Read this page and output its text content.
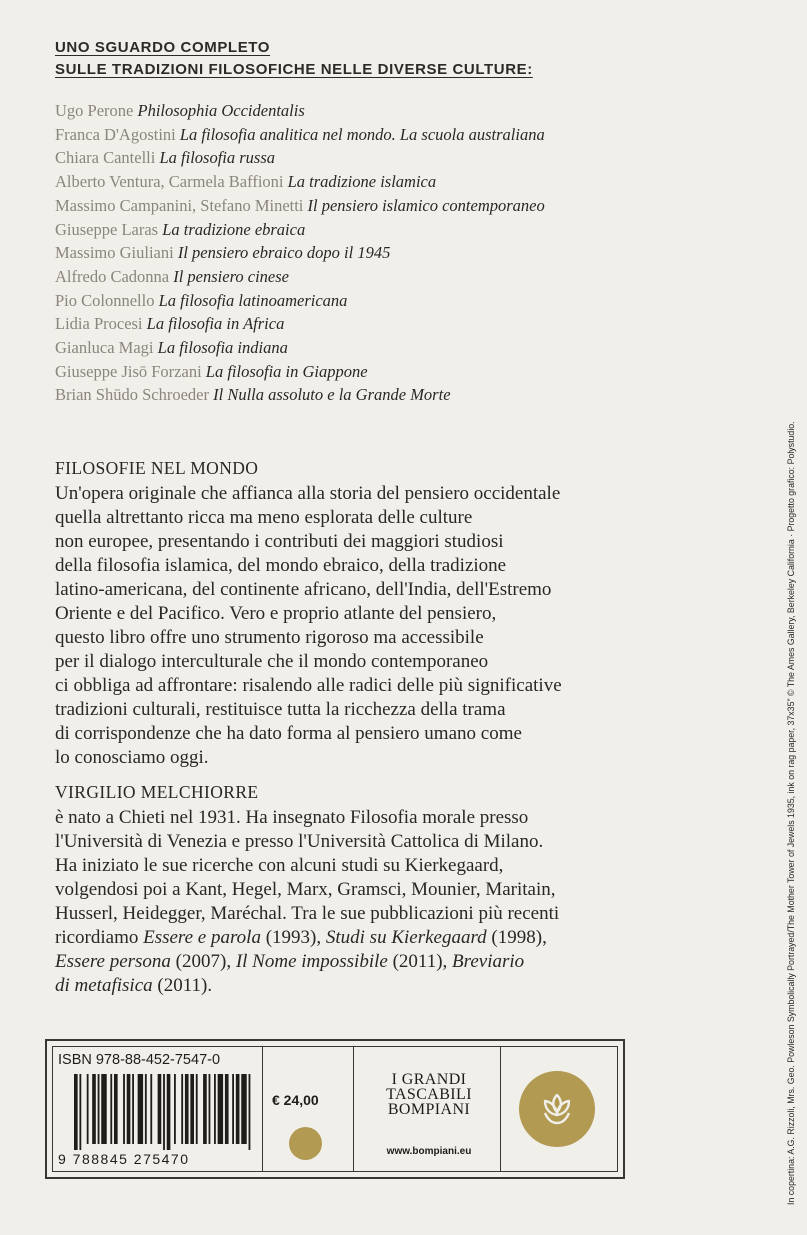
UNO SGUARDO COMPLETO
SULLE TRADIZIONI FILOSOFICHE NELLE DIVERSE CULTURE:
Ugo Perone Philosophia Occidentalis
Franca D'Agostini La filosofia analitica nel mondo. La scuola australiana
Chiara Cantelli La filosofia russa
Alberto Ventura, Carmela Baffioni La tradizione islamica
Massimo Campanini, Stefano Minetti Il pensiero islamico contemporaneo
Giuseppe Laras La tradizione ebraica
Massimo Giuliani Il pensiero ebraico dopo il 1945
Alfredo Cadonna Il pensiero cinese
Pio Colonnello La filosofia latinoamericana
Lidia Procesi La filosofia in Africa
Gianluca Magi La filosofia indiana
Giuseppe Jisō Forzani La filosofia in Giappone
Brian Shūdo Schroeder Il Nulla assoluto e la Grande Morte
FILOSOFIE NEL MONDO
Un'opera originale che affianca alla storia del pensiero occidentale
quella altrettanto ricca ma meno esplorata delle culture
non europee, presentando i contributi dei maggiori studiosi
della filosofia islamica, del mondo ebraico, della tradizione
latino-americana, del continente africano, dell'India, dell'Estremo
Oriente e del Pacifico. Vero e proprio atlante del pensiero,
questo libro offre uno strumento rigoroso ma accessibile
per il dialogo interculturale che il mondo contemporaneo
ci obbliga ad affrontare: risalendo alle radici delle più significative
tradizioni culturali, restituisce tutta la ricchezza della trama
di corrispondenze che ha dato forma al pensiero umano come
lo conosciamo oggi.
VIRGILIO MELCHIORRE
è nato a Chieti nel 1931. Ha insegnato Filosofia morale presso
l'Università di Venezia e presso l'Università Cattolica di Milano.
Ha iniziato le sue ricerche con alcuni studi su Kierkegaard,
volgendosi poi a Kant, Hegel, Marx, Gramsci, Mounier, Maritain,
Husserl, Heidegger, Maréchal. Tra le sue pubblicazioni più recenti
ricordiamo Essere e parola (1993), Studi su Kierkegaard (1998),
Essere persona (2007), Il Nome impossibile (2011), Breviario
di metafisica (2011).
ISBN 978-88-452-7547-0
9 788845 275470
€ 24,00
I GRANDI
TASCABILI
BOMPIANI
www.bompiani.eu	In copertina: A.G. Rizzoli, Mrs. Geo. Powleson Symbolically Portrayed/The Mother Tower of Jewels 1935, ink on rag paper, 37x35" © The Ames Gallery, Berkeley California · Progetto grafico: Polystudio.
